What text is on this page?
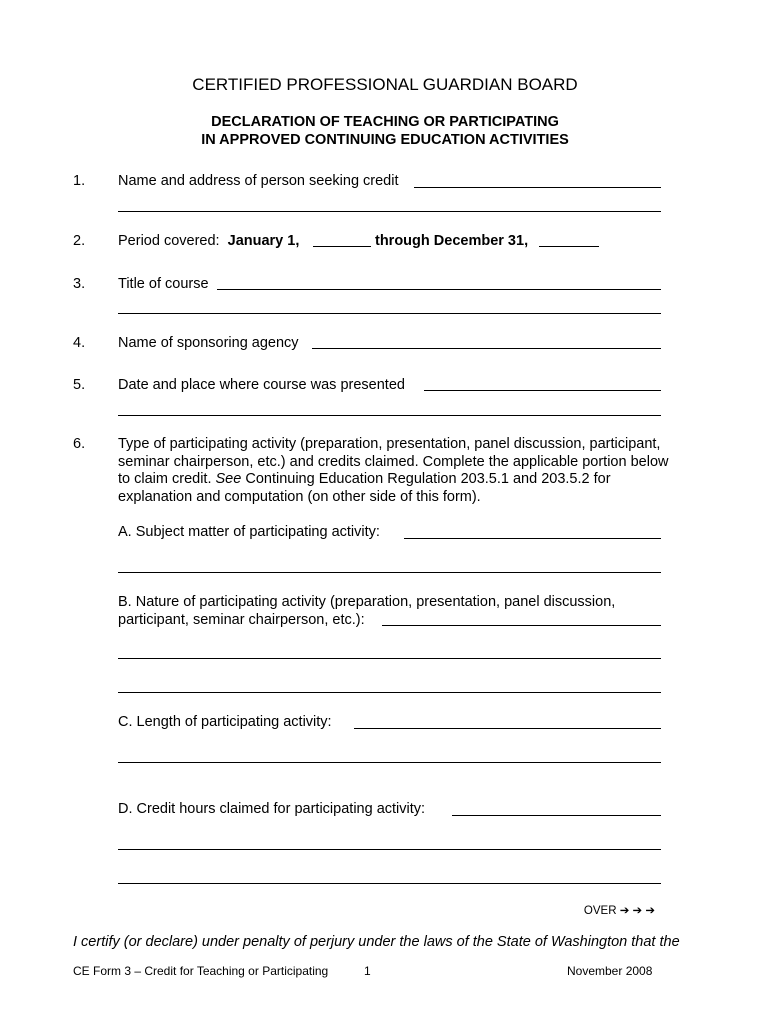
CERTIFIED PROFESSIONAL GUARDIAN BOARD
DECLARATION OF TEACHING OR PARTICIPATING
IN APPROVED CONTINUING EDUCATION ACTIVITIES
1. Name and address of person seeking credit
2. Period covered: January 1,	through December 31,
3. Title of course
4. Name of sponsoring agency
5. Date and place where course was presented
6. Type of participating activity (preparation, presentation, panel discussion, participant, seminar chairperson, etc.) and credits claimed. Complete the applicable portion below to claim credit. See Continuing Education Regulation 203.5.1 and 203.5.2 for explanation and computation (on other side of this form).
A. Subject matter of participating activity:
B. Nature of participating activity (preparation, presentation, panel discussion,
participant, seminar chairperson, etc.):
C. Length of participating activity:
D. Credit hours claimed for participating activity:
OVER ➔ ➔ ➔
I certify (or declare) under penalty of perjury under the laws of the State of Washington that the
CE Form 3 – Credit for Teaching or Participating	1	November 2008
